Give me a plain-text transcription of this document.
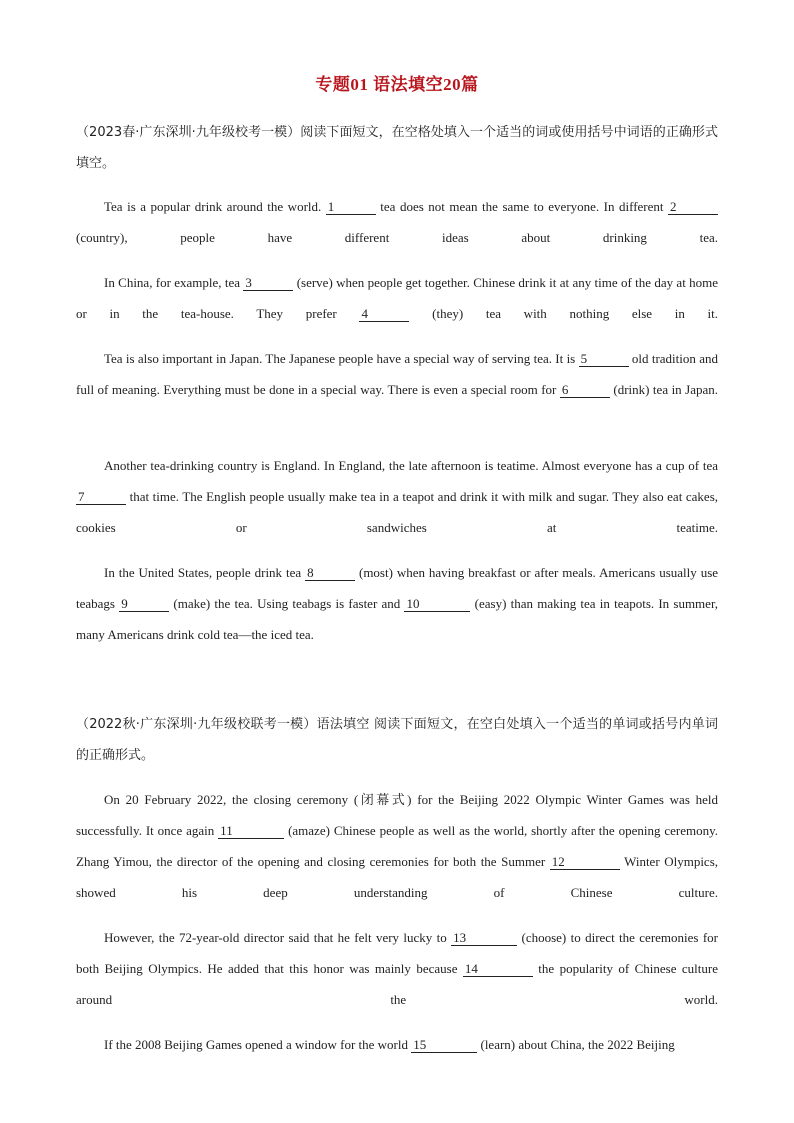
专题01 语法填空20篇
（2023春·广东深圳·九年级校考一模）阅读下面短文，在空格处填入一个适当的词或使用括号中词语的正确形式填空。
Tea is a popular drink around the world. 1	tea does not mean the same to everyone. In different 2 (country), people have different ideas about drinking tea.
In China, for example, tea 3	(serve) when people get together. Chinese drink it at any time of the day at home or in the tea-house. They prefer 4	(they) tea with nothing else in it.
Tea is also important in Japan. The Japanese people have a special way of serving tea. It is 5	old tradition and full of meaning. Everything must be done in a special way. There is even a special room for 6	(drink) tea in Japan.
Another tea-drinking country is England. In England, the late afternoon is teatime. Almost everyone has a cup of tea 7	that time. The English people usually make tea in a teapot and drink it with milk and sugar. They also eat cakes, cookies or sandwiches at teatime.
In the United States, people drink tea 8	(most) when having breakfast or after meals. Americans usually use teabags 9	(make) the tea. Using teabags is faster and 10	(easy) than making tea in teapots. In summer, many Americans drink cold tea—the iced tea.
（2022秋·广东深圳·九年级校联考一模）语法填空 阅读下面短文，在空白处填入一个适当的单词或括号内单词的正确形式。
On 20 February 2022, the closing ceremony (闭幕式) for the Beijing 2022 Olympic Winter Games was held successfully. It once again 11	(amaze) Chinese people as well as the world, shortly after the opening ceremony. Zhang Yimou, the director of the opening and closing ceremonies for both the Summer 12	Winter Olympics, showed his deep understanding of Chinese culture.
However, the 72-year-old director said that he felt very lucky to 13	(choose) to direct the ceremonies for both Beijing Olympics. He added that this honor was mainly because 14	the popularity of Chinese culture around the world.
If the 2008 Beijing Games opened a window for the world 15	(learn) about China, the 2022 Beijing
